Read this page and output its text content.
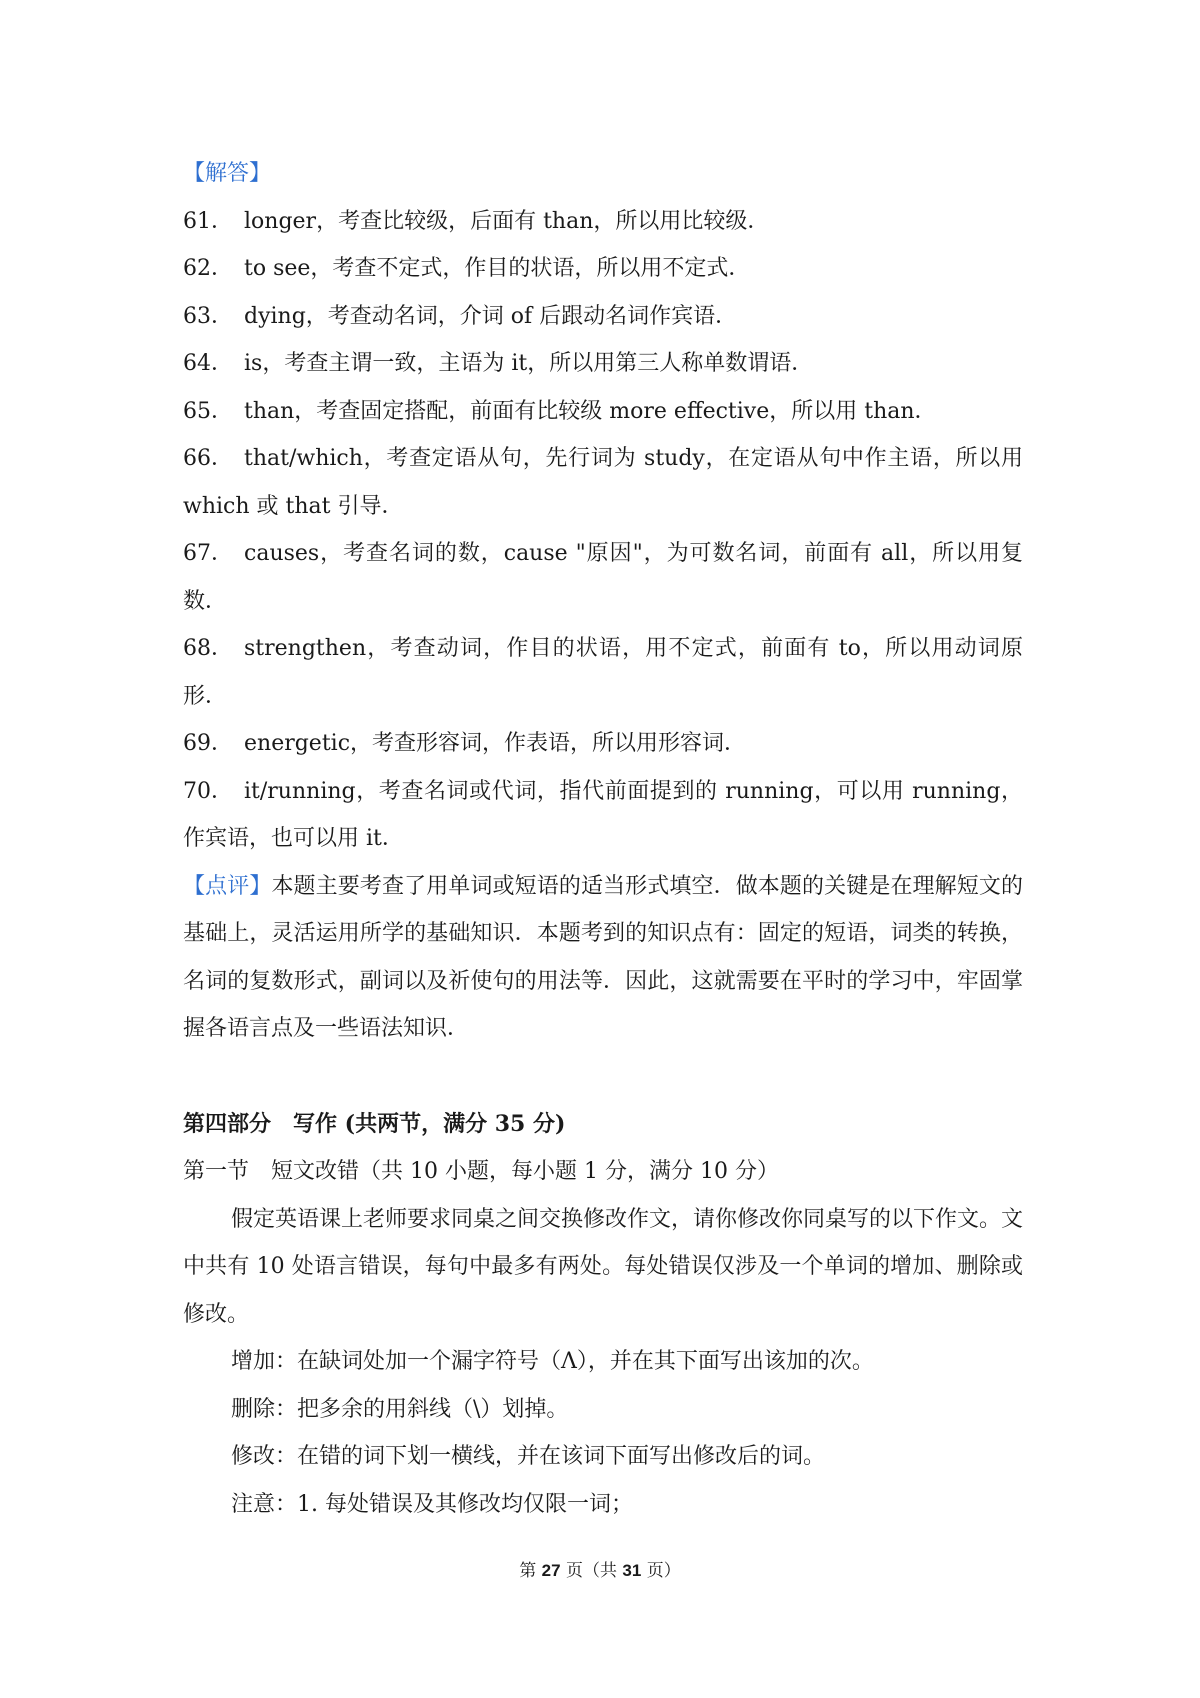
【解答】
61． longer，考查比较级，后面有 than，所以用比较级．
62． to see，考查不定式，作目的状语，所以用不定式．
63． dying，考查动名词，介词 of 后跟动名词作宾语．
64． is，考查主谓一致，主语为 it，所以用第三人称单数谓语．
65． than，考查固定搭配，前面有比较级 more effective，所以用 than．
66． that/which，考查定语从句，先行词为 study，在定语从句中作主语，所以用 which 或 that 引导．
67． causes，考查名词的数，cause "原因"，为可数名词，前面有 all，所以用复数．
68． strengthen，考查动词，作目的状语，用不定式，前面有 to，所以用动词原形．
69． energetic，考查形容词，作表语，所以用形容词．
70． it/running，考查名词或代词，指代前面提到的 running，可以用 running，作宾语，也可以用 it．
【点评】本题主要考查了用单词或短语的适当形式填空．做本题的关键是在理解短文的基础上，灵活运用所学的基础知识．本题考到的知识点有：固定的短语，词类的转换，名词的复数形式，副词以及祈使句的用法等．因此，这就需要在平时的学习中，牢固掌握各语言点及一些语法知识．
第四部分　写作 (共两节，满分 35 分)
第一节　短文改错（共 10 小题，每小题 1 分，满分 10 分）
假定英语课上老师要求同桌之间交换修改作文，请你修改你同桌写的以下作文。文中共有 10 处语言错误，每句中最多有两处。每处错误仅涉及一个单词的增加、删除或修改。
增加：在缺词处加一个漏字符号（Λ），并在其下面写出该加的次。
删除：把多余的用斜线（\）划掉。
修改：在错的词下划一横线，并在该词下面写出修改后的词。
注意：1. 每处错误及其修改均仅限一词；
第 27 页（共 31 页）
